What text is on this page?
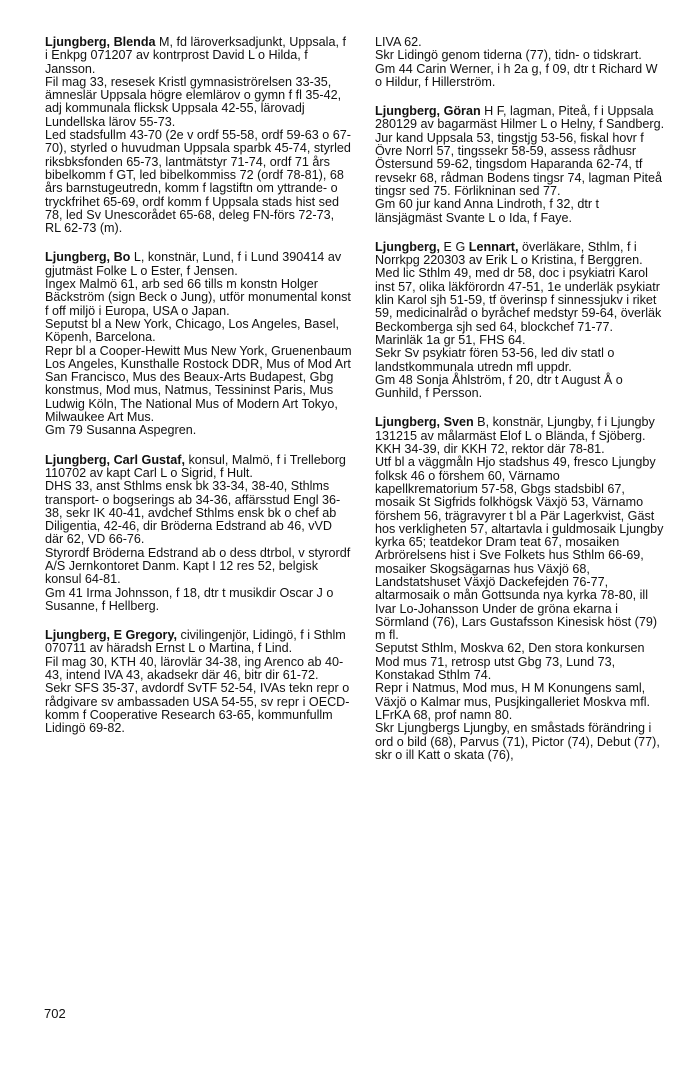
Ljungberg, Blenda M, fd läroverksadjunkt, Uppsala, f i Enkpg 071207 av kontrprost David L o Hilda, f Jansson.

Fil mag 33, resesek Kristl gymnasiströrelsen 33-35, ämneslär Uppsala högre elemlärov o gymn f fl 35-42, adj kommunala flicksk Uppsala 42-55, lärovadj Lundellska lärov 55-73.

Led stadsfullm 43-70 (2e v ordf 55-58, ordf 59-63 o 67-70), styrled o huvudman Uppsala sparbk 45-74, styrled riksbksfonden 65-73, lantmätstyr 71-74, ordf 71 års bibelkomm f GT, led bibelkommiss 72 (ordf 78-81), 68 års barnstugeutredn, komm f lagstiftn om yttrande- o tryckfrihet 65-69, ordf komm f Uppsala stads hist sed 78, led Sv Unescorådet 65-68, deleg FN-förs 72-73, RL 62-73 (m).

Ljungberg, Bo L, konstnär, Lund, f i Lund 390414 av gjutmäst Folke L o Ester, f Jensen.

Ingex Malmö 61, arb sed 66 tills m konstn Holger Bäckström (sign Beck o Jung), utför monumental konst f off miljö i Europa, USA o Japan.

Seputst bl a New York, Chicago, Los Angeles, Basel, Köpenh, Barcelona.

Repr bl a Cooper-Hewitt Mus New York, Gruenenbaum Los Angeles, Kunsthalle Rostock DDR, Mus of Mod Art San Francisco, Mus des Beaux-Arts Budapest, Gbg konstmus, Mod mus, Natmus, Tessininst Paris, Mus Ludwig Köln, The National Mus of Modern Art Tokyo, Milwaukee Art Mus.

Gm 79 Susanna Aspegren.

Ljungberg, Carl Gustaf, konsul, Malmö, f i Trelleborg 110702 av kapt Carl L o Sigrid, f Hult.

DHS 33, anst Sthlms ensk bk 33-34, 38-40, Sthlms transport- o bogserings ab 34-36, affärsstud Engl 36-38, sekr IK 40-41, avdchef Sthlms ensk bk o chef ab Diligentia, 42-46, dir Bröderna Edstrand ab 46, vVD där 62, VD 66-76.

Styrordf Bröderna Edstrand ab o dess dtrbol, v styrordf A/S Jernkontoret Danm. Kapt I 12 res 52, belgisk konsul 64-81.

Gm 41 Irma Johnsson, f 18, dtr t musikdir Oscar J o Susanne, f Hellberg.

Ljungberg, E Gregory, civilingenjör, Lidingö, f i Sthlm 070711 av häradsh Ernst L o Martina, f Lind.

Fil mag 30, KTH 40, lärovlär 34-38, ing Arenco ab 40-43, intend IVA 43, akadsekr där 46, bitr dir 61-72.

Sekr SFS 35-37, avdordf SvTF 52-54, IVAs tekn repr o rådgivare sv ambassaden USA 54-55, sv repr i OECD-komm f Cooperative Research 63-65, kommunfullm Lidingö 69-82.

LIVA 62.

Skr Lidingö genom tiderna (77), tidn- o tidskrart.

Gm 44 Carin Werner, i h 2a g, f 09, dtr t Richard W o Hildur, f Hillerström.

Ljungberg, Göran H F, lagman, Piteå, f i Uppsala 280129 av bagarmäst Hilmer L o Helny, f Sandberg.

Jur kand Uppsala 53, tingstjg 53-56, fiskal hovr f Övre Norrl 57, tingssekr 58-59, assess rådhusr Östersund 59-62, tingsdom Haparanda 62-74, tf revsekr 68, rådman Bodens tingsr 74, lagman Piteå tingsr sed 75. Förlikninan sed 77.

Gm 60 jur kand Anna Lindroth, f 32, dtr t länsjägmäst Svante L o Ida, f Faye.

Ljungberg, E G Lennart, överläkare, Sthlm, f i Norrkpg 220303 av Erik L o Kristina, f Berggren.

Med lic Sthlm 49, med dr 58, doc i psykiatri Karol inst 57, olika läkförordn 47-51, 1e underläk psykiatr klin Karol sjh 51-59, tf överinsp f sinnessjukv i riket 59, medicinalråd o byråchef medstyr 59-64, överläk Beckomberga sjh sed 64, blockchef 71-77.

Marinläk 1a gr 51, FHS 64.

Sekr Sv psykiatr fören 53-56, led div statl o landstkommunala utredn mfl uppdr.

Gm 48 Sonja Åhlström, f 20, dtr t August Å o Gunhild, f Persson.

Ljungberg, Sven B, konstnär, Ljungby, f i Ljungby 131215 av målarmäst Elof L o Blända, f Sjöberg.

KKH 34-39, dir KKH 72, rektor där 78-81.

Utf bl a väggmåln Hjo stadshus 49, fresco Ljungby folksk 46 o förshem 60, Värnamo kapellkrematorium 57-58, Gbgs stadsbibl 67, mosaik St Sigfrids folkhögsk Växjö 53, Värnamo förshem 56, trägravyrer t bl a Pär Lagerkvist, Gäst hos verkligheten 57, altartavla i guldmosaik Ljungby kyrka 65; teatdekor Dram teat 67, mosaiken Arbrörelsens hist i Sve Folkets hus Sthlm 66-69, mosaiker Skogsägarnas hus Växjö 68, Landstatshuset Växjö Dackefejden 76-77, altarmosaik o mån Gottsunda nya kyrka 78-80, ill Ivar Lo-Johansson Under de gröna ekarna i Sörmland (76), Lars Gustafsson Kinesisk höst (79) m fl.

Seputst Sthlm, Moskva 62, Den stora konkursen Mod mus 71, retrosp utst Gbg 73, Lund 73, Konstakad Sthlm 74.

Repr i Natmus, Mod mus, H M Konungens saml, Växjö o Kalmar mus, Pusjkingalleriet Moskva mfl.

LFrKA 68, prof namn 80.

Skr Ljungbergs Ljungby, en småstads förändring i ord o bild (68), Parvus (71), Pictor (74), Debut (77), skr o ill Katt o skata (76),

702
